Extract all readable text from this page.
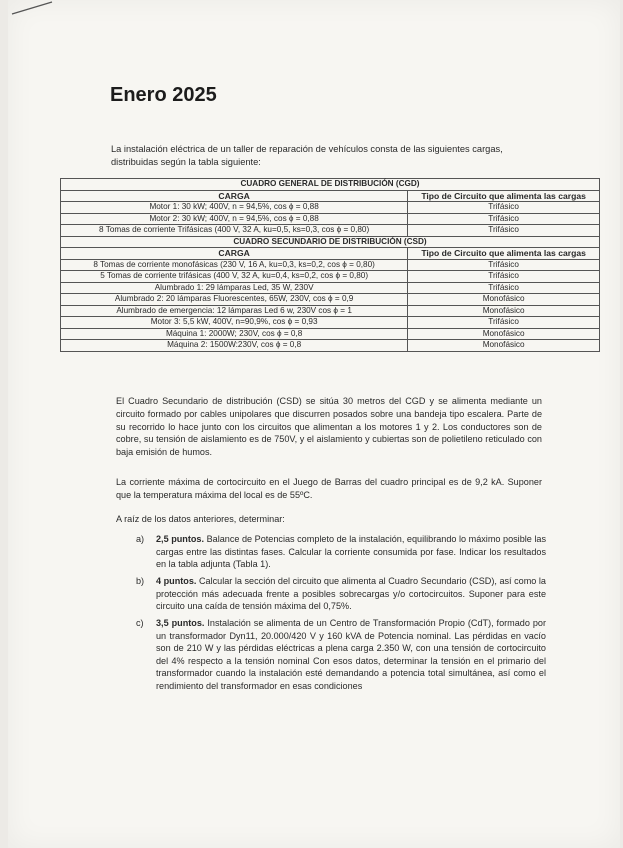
Enero 2025
La instalación eléctrica de un taller de reparación de vehículos consta de las siguientes cargas, distribuidas según la tabla siguiente:
CUADRO GENERAL DE DISTRIBUCIÓN (CGD)	
CARGA	Tipo de Circuito que alimenta las cargas
Motor 1: 30 kW; 400V, n = 94,5%, cos ϕ = 0,88	Trifásico
Motor 2: 30 kW; 400V, n = 94,5%, cos ϕ = 0,88	Trifásico
8 Tomas de corriente Trifásicas (400 V, 32 A, ku=0,5, ks=0,3, cos ϕ = 0,80)	Trifásico
CUADRO SECUNDARIO DE DISTRIBUCIÓN (CSD)	
CARGA	Tipo de Circuito que alimenta las cargas
8 Tomas de corriente monofásicas (230 V, 16 A, ku=0,3, ks=0,2, cos ϕ = 0,80)	Trifásico
5 Tomas de corriente trifásicas (400 V, 32 A, ku=0,4, ks=0,2, cos ϕ = 0,80)	Trifásico
Alumbrado 1: 29 lámparas Led, 35 W, 230V	Trifásico
Alumbrado 2: 20 lámparas Fluorescentes, 65W, 230V, cos ϕ = 0,9	Monofásico
Alumbrado de emergencia: 12 lámparas Led 6 w, 230V cos ϕ = 1	Monofásico
Motor 3: 5,5 kW, 400V, n=90,9%, cos ϕ = 0,93	Trifásico
Máquina 1: 2000W; 230V, cos ϕ = 0,8	Monofásico
Máquina 2: 1500W:230V, cos ϕ = 0,8	Monofásico
El Cuadro Secundario de distribución (CSD) se sitúa 30 metros del CGD y se alimenta mediante un circuito formado por cables unipolares que discurren posados sobre una bandeja tipo escalera. Parte de su recorrido lo hace junto con los circuitos que alimentan a los motores 1 y 2. Los conductores son de cobre, su tensión de aislamiento es de 750V, y el aislamiento y cubiertas son de polietileno reticulado con baja emisión de humos.
La corriente máxima de cortocircuito en el Juego de Barras del cuadro principal es de 9,2 kA. Suponer que la temperatura máxima del local es de 55ºC.
A raíz de los datos anteriores, determinar:
a) 2,5 puntos. Balance de Potencias completo de la instalación, equilibrando lo máximo posible las cargas entre las distintas fases. Calcular la corriente consumida por fase. Indicar los resultados en la tabla adjunta (Tabla 1).
b) 4 puntos. Calcular la sección del circuito que alimenta al Cuadro Secundario (CSD), así como la protección más adecuada frente a posibles sobrecargas y/o cortocircuitos. Suponer para este circuito una caída de tensión máxima del 0,75%.
c) 3,5 puntos. Instalación se alimenta de un Centro de Transformación Propio (CdT), formado por un transformador Dyn11, 20.000/420 V y 160 kVA de Potencia nominal. Las pérdidas en vacío son de 210 W y las pérdidas eléctricas a plena carga 2.350 W, con una tensión de cortocircuito del 4% respecto a la tensión nominal Con esos datos, determinar la tensión en el primario del transformador cuando la instalación esté demandando a potencia total simultánea, así como el rendimiento del transformador en esas condiciones
